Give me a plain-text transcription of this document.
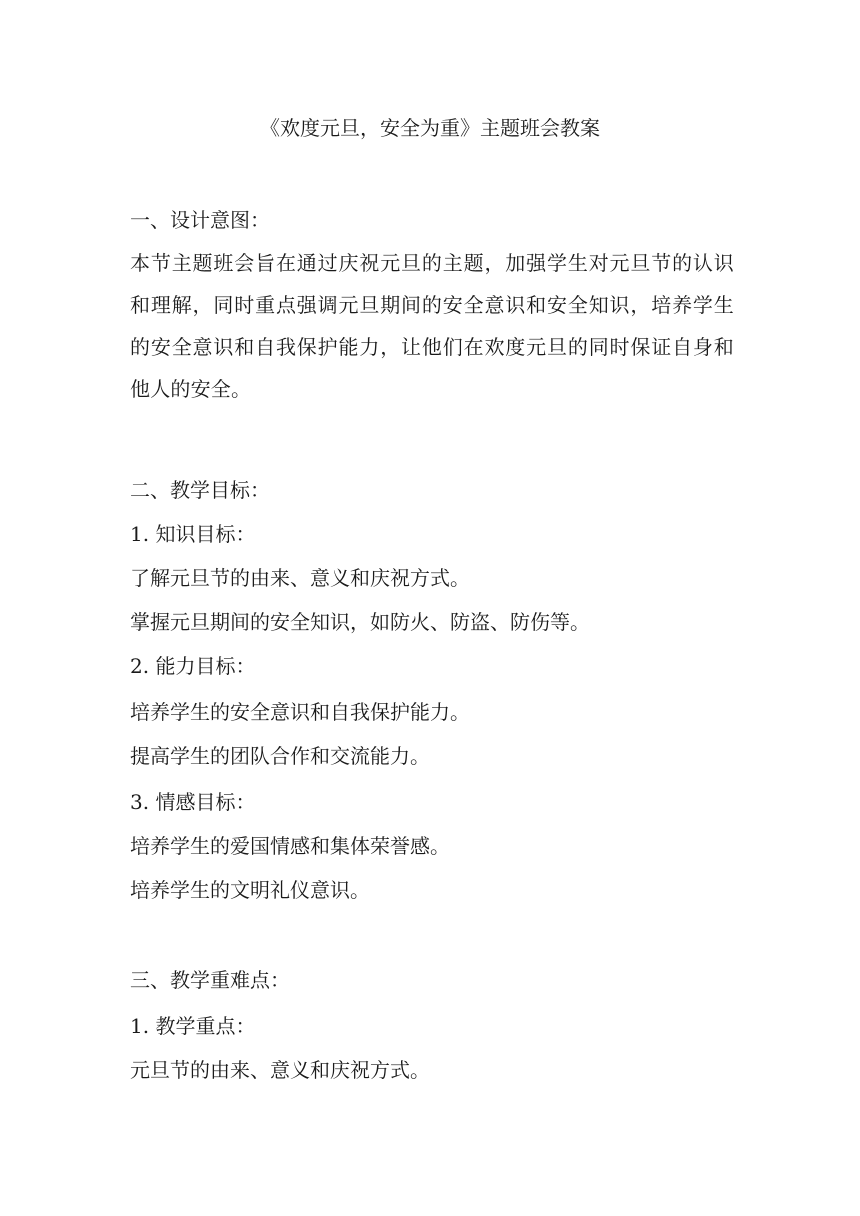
《欢度元旦，安全为重》主题班会教案
一、设计意图：
本节主题班会旨在通过庆祝元旦的主题，加强学生对元旦节的认识和理解，同时重点强调元旦期间的安全意识和安全知识，培养学生的安全意识和自我保护能力，让他们在欢度元旦的同时保证自身和他人的安全。
二、教学目标：
1. 知识目标：
了解元旦节的由来、意义和庆祝方式。
掌握元旦期间的安全知识，如防火、防盗、防伤等。
2. 能力目标：
培养学生的安全意识和自我保护能力。
提高学生的团队合作和交流能力。
3. 情感目标：
培养学生的爱国情感和集体荣誉感。
培养学生的文明礼仪意识。
三、教学重难点：
1. 教学重点：
元旦节的由来、意义和庆祝方式。
